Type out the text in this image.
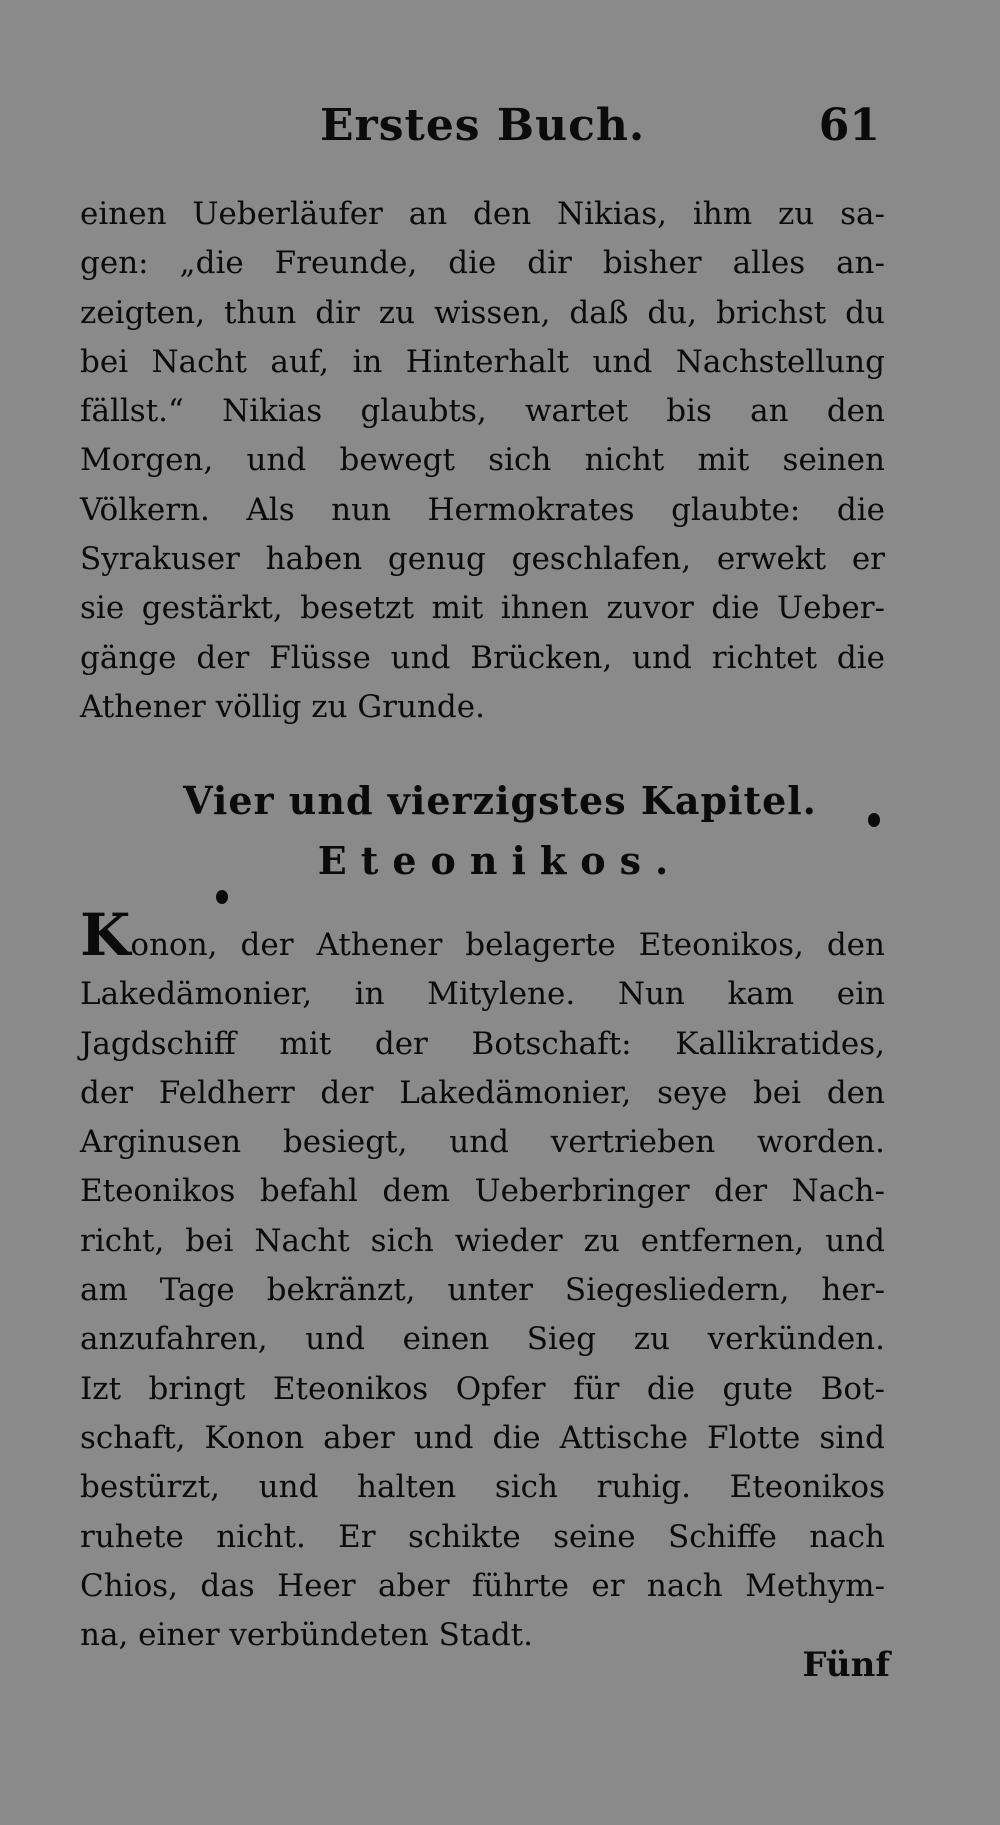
Erstes Buch.	61
einen Ueberläufer an den Nikias, ihm zu sa-
gen: „die Freunde, die dir bisher alles an-
zeigten, thun dir zu wissen, daß du, brichst du
bei Nacht auf, in Hinterhalt und Nachstellung
fällst.“ Nikias glaubts, wartet bis an den
Morgen, und bewegt sich nicht mit seinen
Völkern. Als nun Hermokrates glaubte: die
Syrakuser haben genug geschlafen, erwekt er
sie gestärkt, besetzt mit ihnen zuvor die Ueber-
gänge der Flüsse und Brücken, und richtet die
Athener völlig zu Grunde.
Vier und vierzigstes Kapitel.
Eteonikos.
Konon, der Athener belagerte Eteonikos, den
Lakedämonier, in Mitylene. Nun kam ein
Jagdschiff mit der Botschaft: Kallikratides,
der Feldherr der Lakedämonier, seye bei den
Arginusen besiegt, und vertrieben worden.
Eteonikos befahl dem Ueberbringer der Nach-
richt, bei Nacht sich wieder zu entfernen, und
am Tage bekränzt, unter Siegesliedern, her-
anzufahren, und einen Sieg zu verkünden.
Izt bringt Eteonikos Opfer für die gute Bot-
schaft, Konon aber und die Attische Flotte sind
bestürzt, und halten sich ruhig. Eteonikos
ruhete nicht. Er schikte seine Schiffe nach
Chios, das Heer aber führte er nach Methym-
na, einer verbündeten Stadt.
Fünf
